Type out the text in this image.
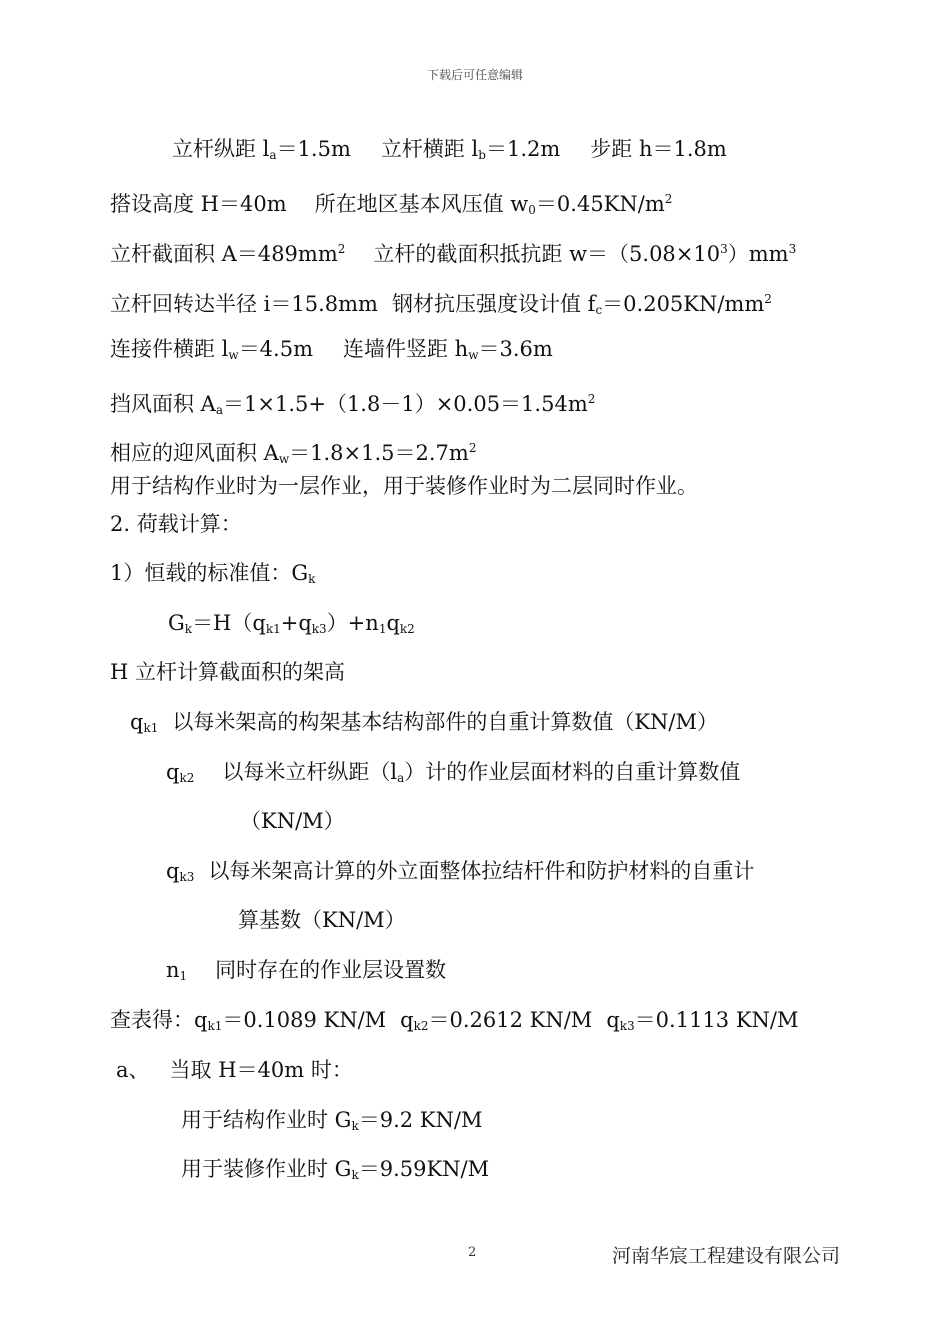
下载后可任意编辑
立杆纵距 $l_a=1.5m$ 立杆横距 $l_b=1.2m$ 步距 h＝1.8m
搭设高度 H＝40m 所在地区基本风压值 $w_0=0.45KN/m^2$
立杆截面积 $A=489mm^2$ 立杆的截面积抵抗距 $w=(5.08\times 10^3)mm^3$
立杆回转达半径 i＝15.8mm 钢材抗压强度设计值 $f_c=0.205KN/mm^2$
连接件横距 $l_w=4.5m$ 连墙件竖距 $h_w=3.6m$
挡风面积 $A_a=1\times 1.5+(1.8-1)\times 0.05=1.54m^2$
相应的迎风面积 $A_w=1.8\times 1.5=2.7m^2$
用于结构作业时为一层作业，用于装修作业时为二层同时作业。
2. 荷载计算：
1）恒载的标准值：$G_k$
$G_k=H(q_{k1}+q_{k3})+n_1q_{k2}$
H 立杆计算截面积的架高
$q_{k1}$ 以每米架高的构架基本结构部件的自重计算数值（KN/M）
$q_{k2}$ 以每米立杆纵距$(l_a)$计的作业层面材料的自重计算数值
（KN/M）
$q_{k3}$ 以每米架高计算的外立面整体拉结杆件和防护材料的自重计
算基数（KN/M）
$n_1$ 同时存在的作业层设置数
查表得：$q_{k1}=0.1089$ KN/M $q_{k2}=0.2612$ KN/M $q_{k3}=0.1113$ KN/M
a、   当取 H＝40m 时：
用于结构作业时 $G_k=9.2$ KN/M
用于装修作业时 $G_k=9.59KN/M$
2	河南华宸工程建设有限公司
